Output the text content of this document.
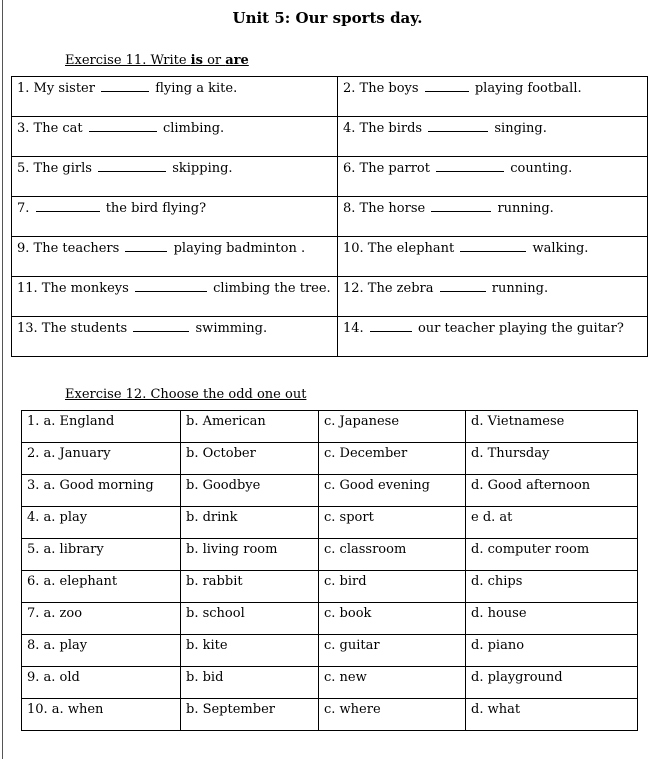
Unit 5: Our sports day.
Exercise 11. Write is or are
1. My sister flying a kite.	2. The boys playing football.
3. The cat climbing.	4. The birds singing.
5. The girls skipping.	6. The parrot counting.
7. the bird flying?	8. The horse running.
9. The teachers playing badminton .	10. The elephant walking.
11. The monkeys climbing the tree.	12. The zebra running.
13. The students swimming.	14. our teacher playing the guitar?
Exercise 12. Choose the odd one out
1. a. England	b. American	c. Japanese	d. Vietnamese
2. a. January	b. October	c. December	d. Thursday
3. a. Good morning	b. Goodbye	c. Good evening	d. Good afternoon
4. a. play	b. drink	c. sport	e d. at
5. a. library	b. living room	c. classroom	d. computer room
6. a. elephant	b. rabbit	c. bird	d. chips
7. a. zoo	b. school	c. book	d. house
8. a. play	b. kite	c. guitar	d. piano
9. a. old	b. bid	c. new	d. playground
10. a. when	b. September	c. where	d. what
